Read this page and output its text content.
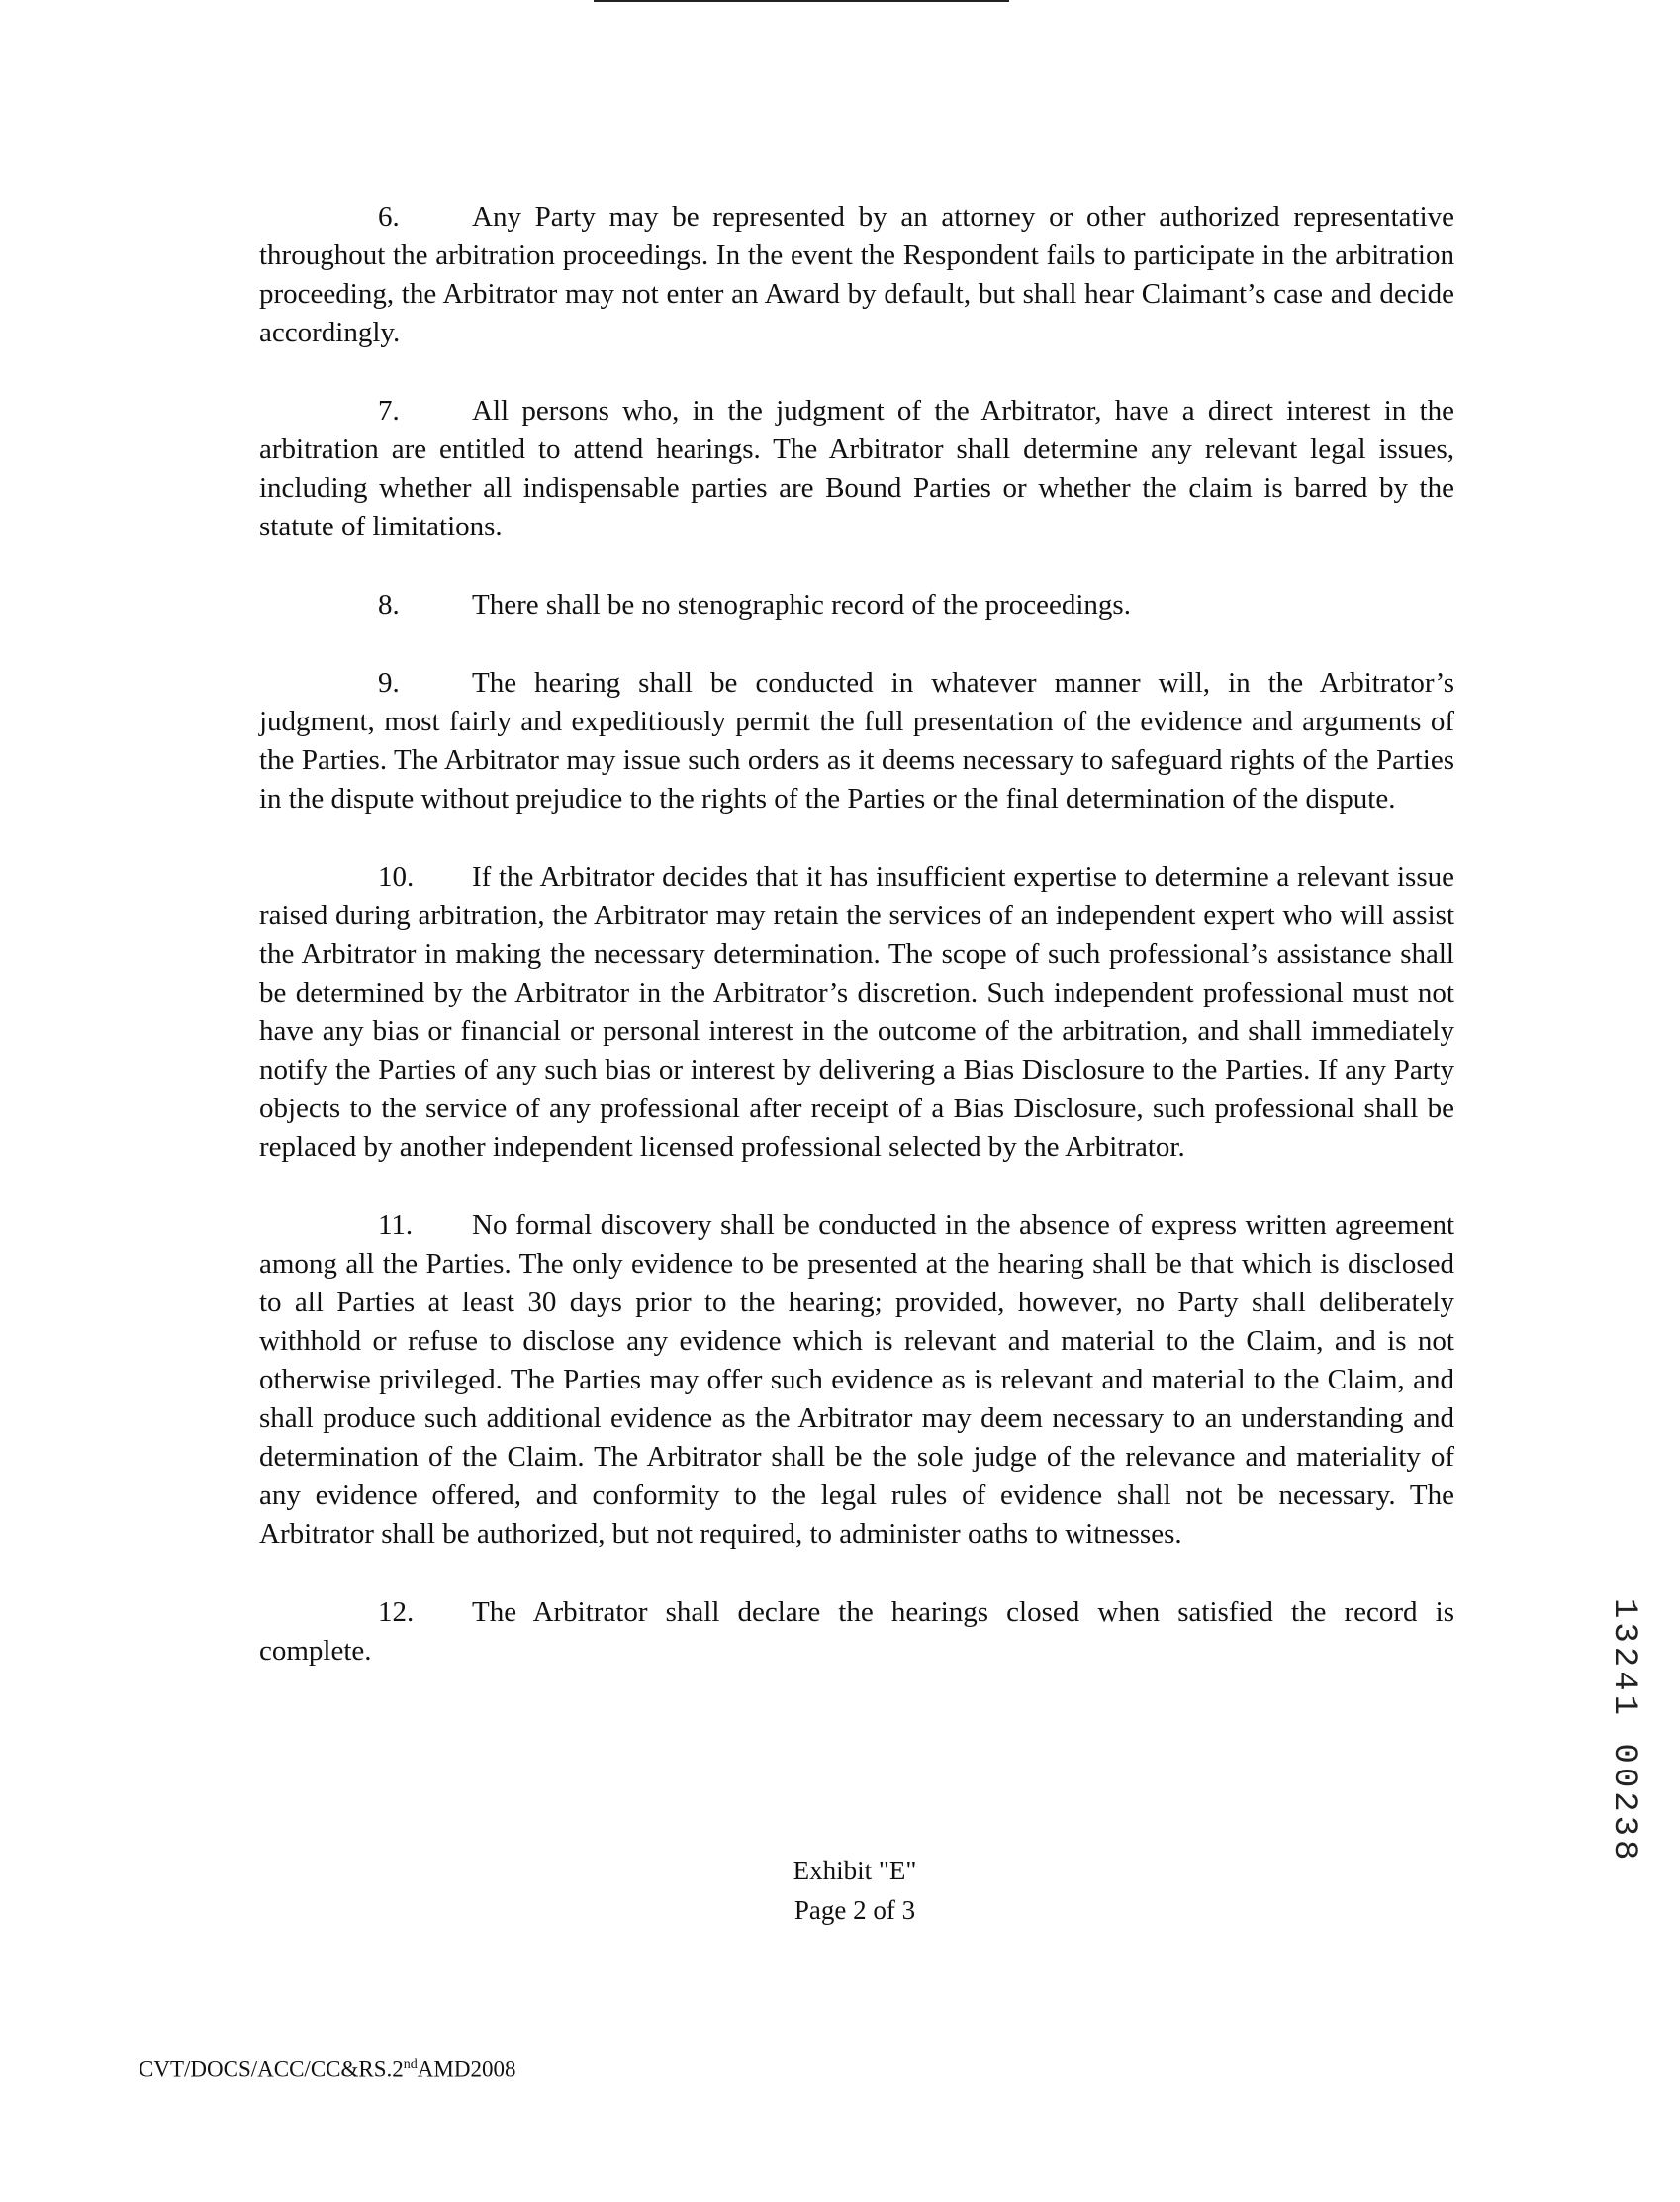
6.	Any Party may be represented by an attorney or other authorized representative throughout the arbitration proceedings. In the event the Respondent fails to participate in the arbitration proceeding, the Arbitrator may not enter an Award by default, but shall hear Claimant’s case and decide accordingly.

7.	All persons who, in the judgment of the Arbitrator, have a direct interest in the arbitration are entitled to attend hearings. The Arbitrator shall determine any relevant legal issues, including whether all indispensable parties are Bound Parties or whether the claim is barred by the statute of limitations.

8.	There shall be no stenographic record of the proceedings.

9.	The hearing shall be conducted in whatever manner will, in the Arbitrator’s judgment, most fairly and expeditiously permit the full presentation of the evidence and arguments of the Parties. The Arbitrator may issue such orders as it deems necessary to safeguard rights of the Parties in the dispute without prejudice to the rights of the Parties or the final determination of the dispute.

10. If the Arbitrator decides that it has insufficient expertise to determine a relevant issue raised during arbitration, the Arbitrator may retain the services of an independent expert who will assist the Arbitrator in making the necessary determination. The scope of such professional’s assistance shall be determined by the Arbitrator in the Arbitrator’s discretion. Such independent professional must not have any bias or financial or personal interest in the outcome of the arbitration, and shall immediately notify the Parties of any such bias or interest by delivering a Bias Disclosure to the Parties. If any Party objects to the service of any professional after receipt of a Bias Disclosure, such professional shall be replaced by another independent licensed professional selected by the Arbitrator.

11. No formal discovery shall be conducted in the absence of express written agreement among all the Parties. The only evidence to be presented at the hearing shall be that which is disclosed to all Parties at least 30 days prior to the hearing; provided, however, no Party shall deliberately withhold or refuse to disclose any evidence which is relevant and material to the Claim, and is not otherwise privileged. The Parties may offer such evidence as is relevant and material to the Claim, and shall produce such additional evidence as the Arbitrator may deem necessary to an understanding and determination of the Claim. The Arbitrator shall be the sole judge of the relevance and materiality of any evidence offered, and conformity to the legal rules of evidence shall not be necessary. The Arbitrator shall be authorized, but not required, to administer oaths to witnesses.

12. The Arbitrator shall declare the hearings closed when satisfied the record is complete.

Exhibit "E"
Page 2 of 3
CVT/DOCS/ACC/CC&RS.2ndAMD2008
13241 00238
